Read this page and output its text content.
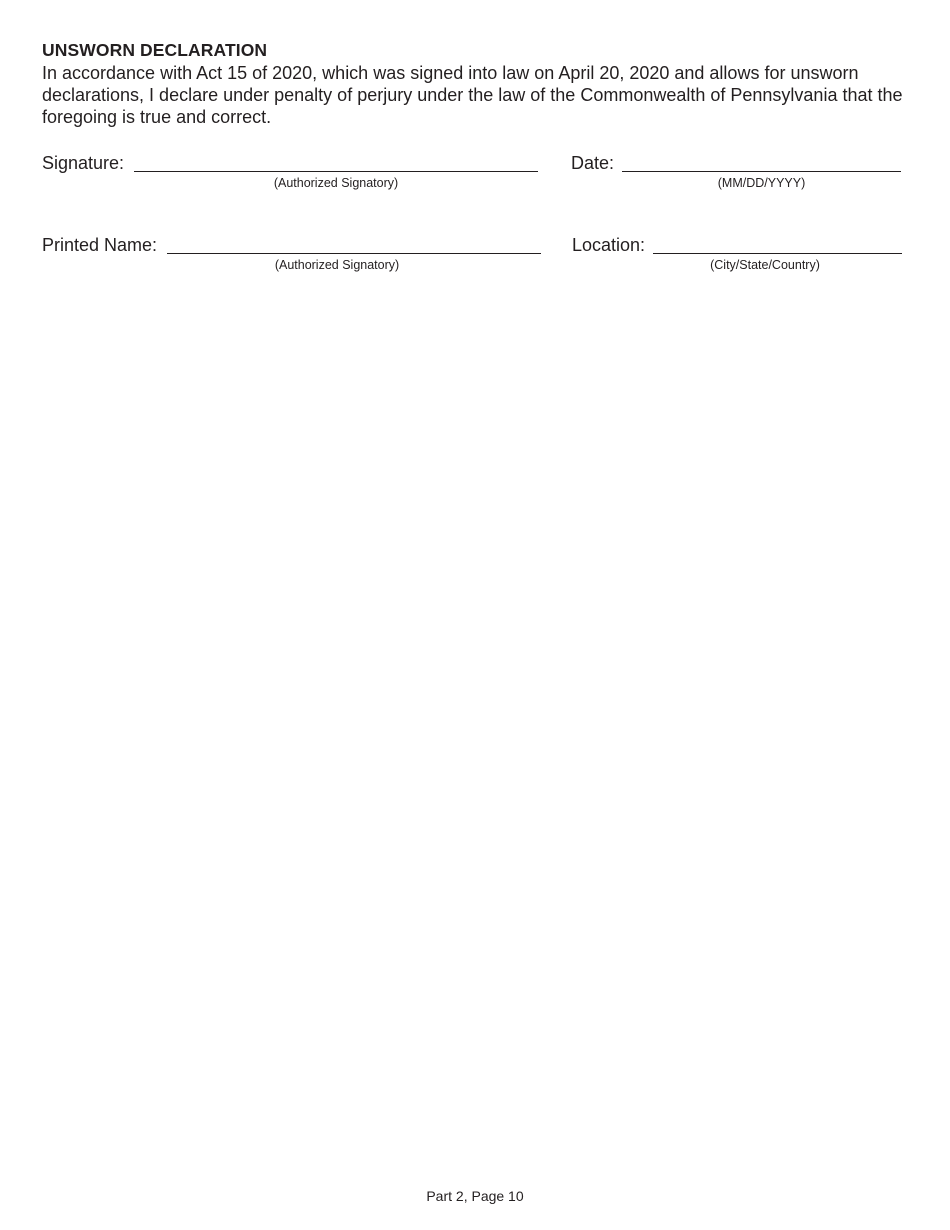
UNSWORN DECLARATION

In accordance with Act 15 of 2020, which was signed into law on April 20, 2020 and allows for unsworn declarations, I declare under penalty of perjury under the law of the Commonwealth of Pennsylvania that the foregoing is true and correct.

Signature:
(Authorized Signatory)
Date:
(MM/DD/YYYY)
Printed Name:
(Authorized Signatory)
Location:
(City/State/Country)

Part 2, Page 10
